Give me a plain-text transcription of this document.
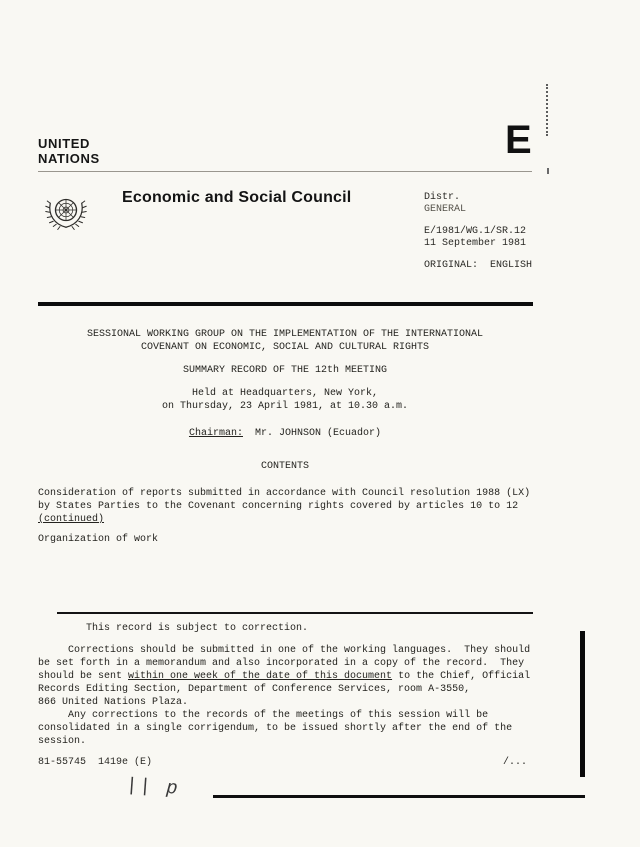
UNITED
NATIONS	E
Economic and Social Council	Distr.
GENERAL
E/1981/WG.1/SR.12
11 September 1981
ORIGINAL:  ENGLISH
SESSIONAL WORKING GROUP ON THE IMPLEMENTATION OF THE INTERNATIONAL
COVENANT ON ECONOMIC, SOCIAL AND CULTURAL RIGHTS
SUMMARY RECORD OF THE 12th MEETING
Held at Headquarters, New York,
on Thursday, 23 April 1981, at 10.30 a.m.
Chairman:  Mr. JOHNSON (Ecuador)
CONTENTS
Consideration of reports submitted in accordance with Council resolution 1988 (LX)
by States Parties to the Covenant concerning rights covered by articles 10 to 12
(continued)
Organization of work
This record is subject to correction.
Corrections should be submitted in one of the working languages.  They should
be set forth in a memorandum and also incorporated in a copy of the record.  They
should be sent within one week of the date of this document to the Chief, Official
Records Editing Section, Department of Conference Services, room A-3550,
866 United Nations Plaza.
Any corrections to the records of the meetings of this session will be
consolidated in a single corrigendum, to be issued shortly after the end of the
session.
81-55745  1419e (E)	/...
|| p
